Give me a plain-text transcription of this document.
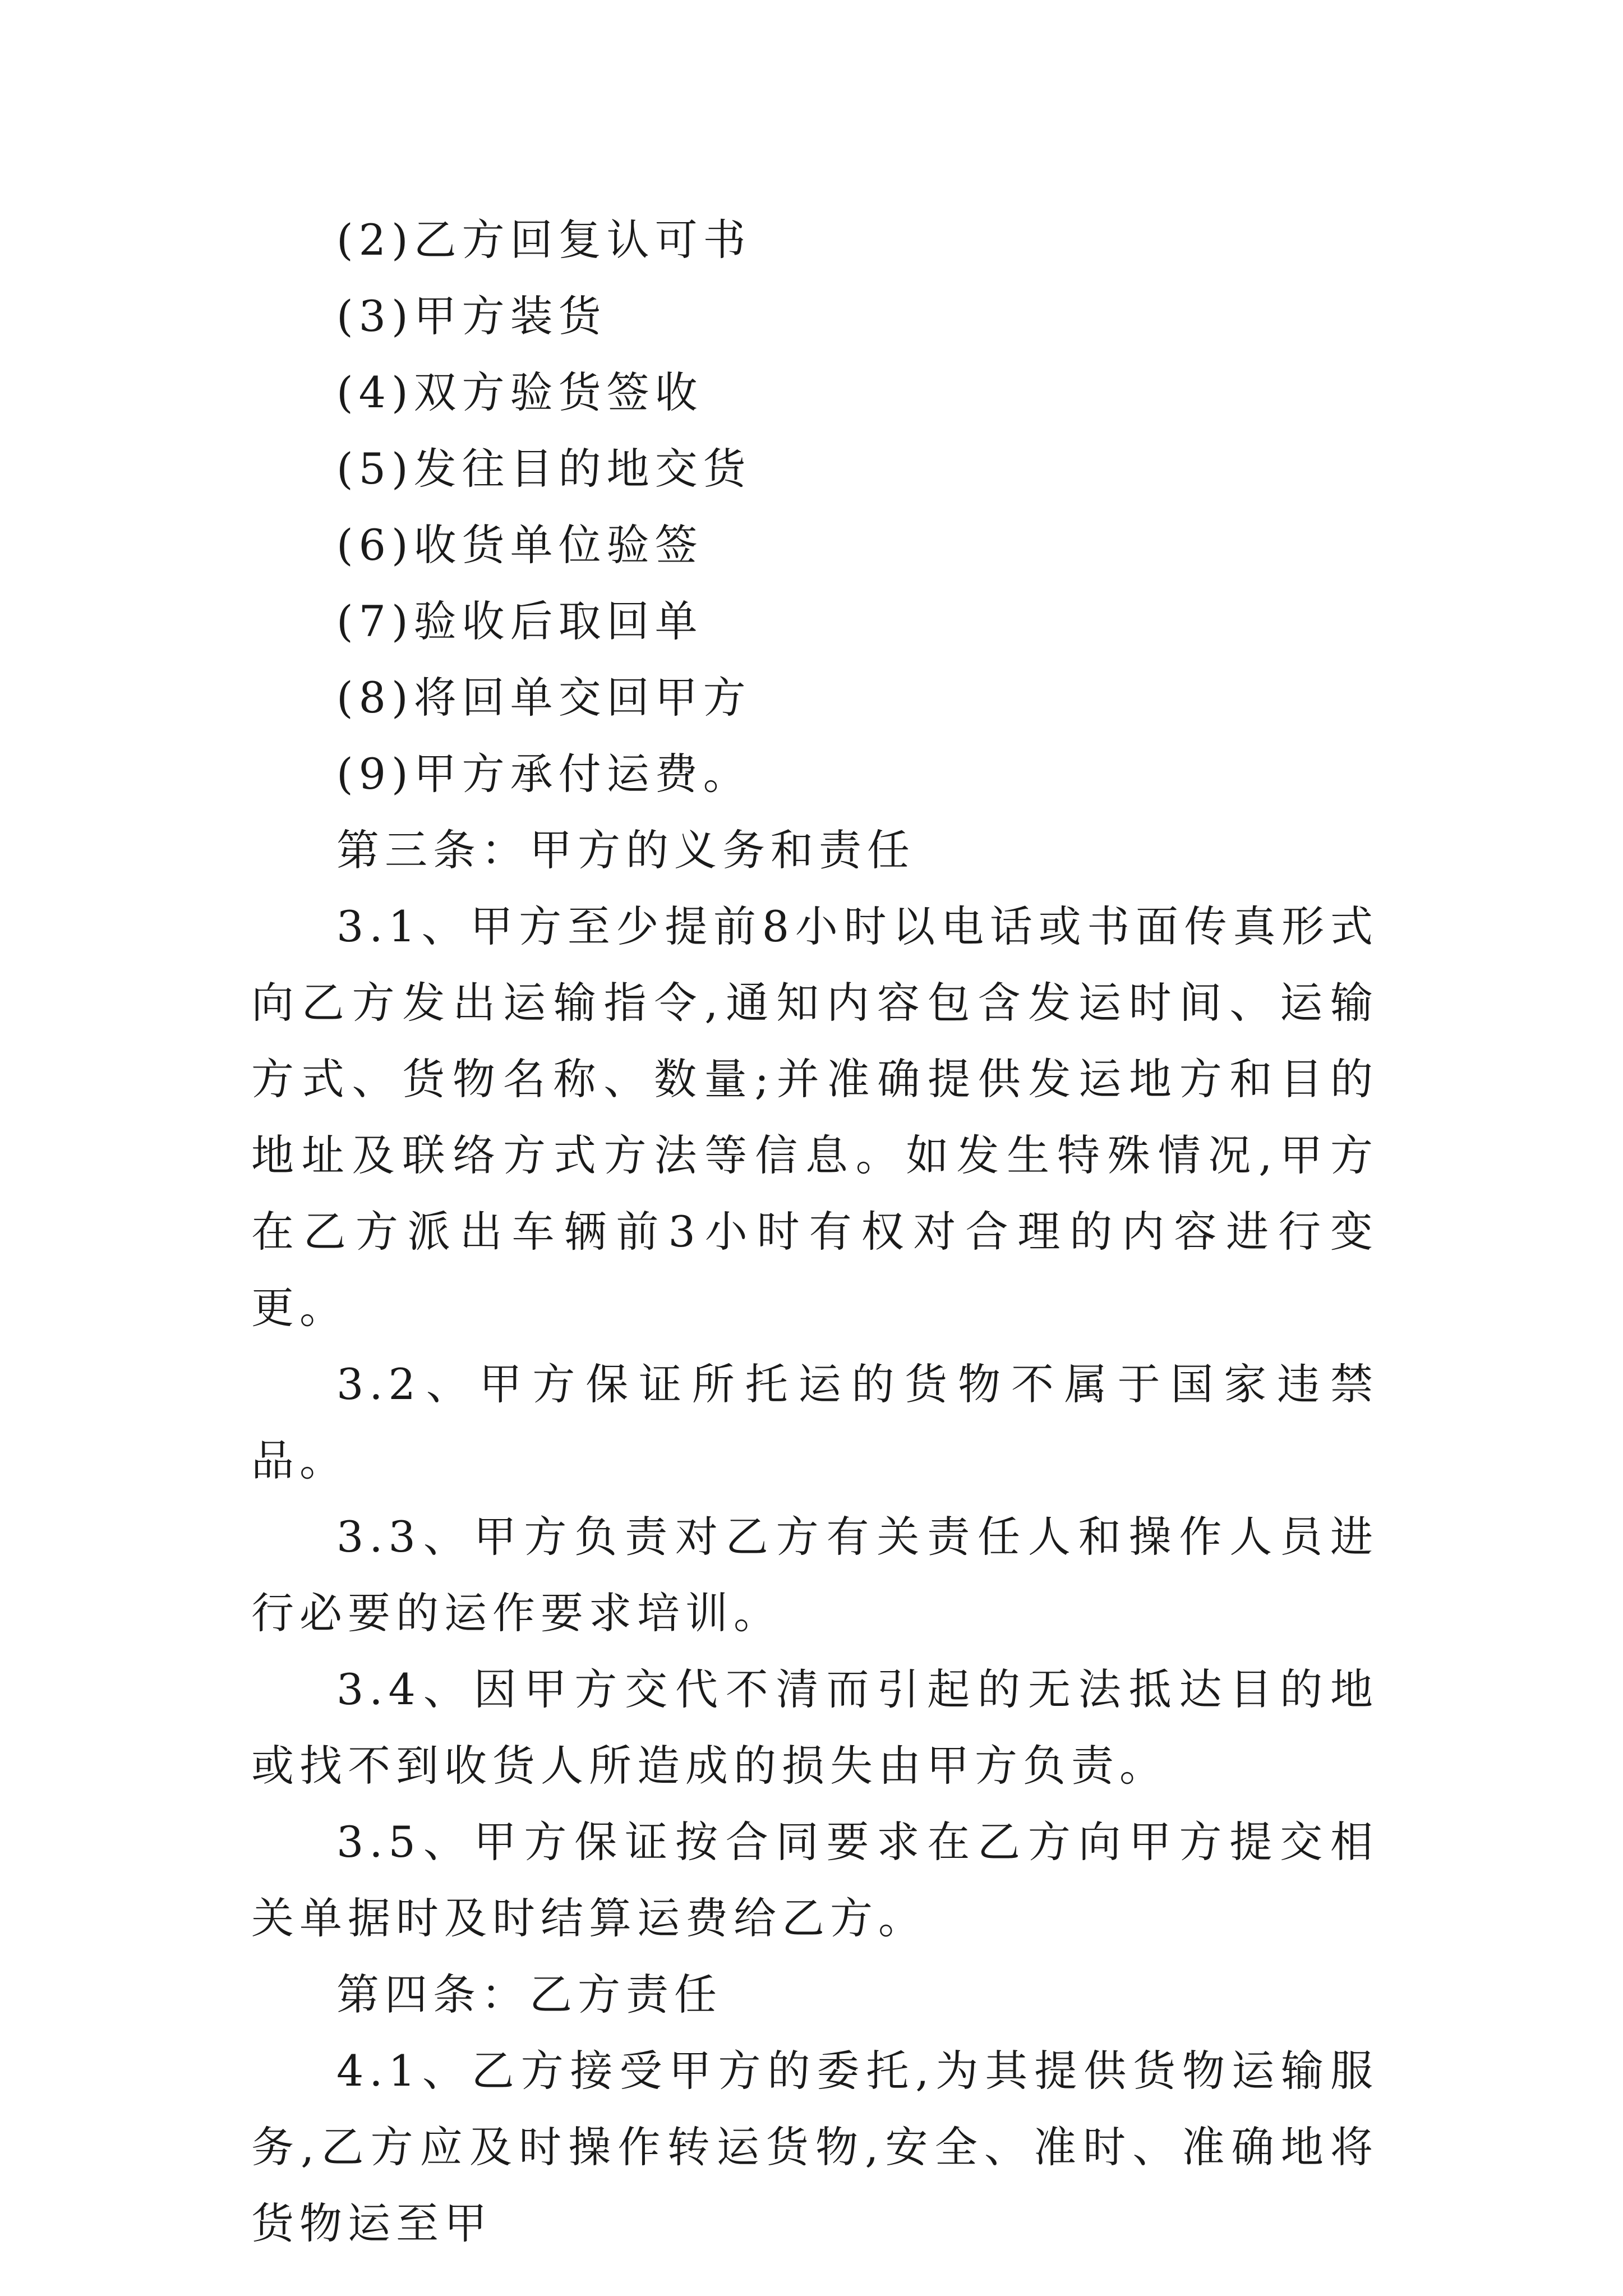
(2)乙方回复认可书
(3)甲方装货
(4)双方验货签收
(5)发往目的地交货
(6)收货单位验签
(7)验收后取回单
(8)将回单交回甲方
(9)甲方承付运费。
第三条：甲方的义务和责任
3.1、甲方至少提前8小时以电话或书面传真形式向乙方发出运输指令,通知内容包含发运时间、运输方式、货物名称、数量;并准确提供发运地方和目的地址及联络方式方法等信息。如发生特殊情况,甲方在乙方派出车辆前3小时有权对合理的内容进行变更。
3.2、甲方保证所托运的货物不属于国家违禁品。
3.3、甲方负责对乙方有关责任人和操作人员进行必要的运作要求培训。
3.4、因甲方交代不清而引起的无法抵达目的地或找不到收货人所造成的损失由甲方负责。
3.5、甲方保证按合同要求在乙方向甲方提交相关单据时及时结算运费给乙方。
第四条：乙方责任
4.1、乙方接受甲方的委托,为其提供货物运输服务,乙方应及时操作转运货物,安全、准时、准确地将货物运至甲
